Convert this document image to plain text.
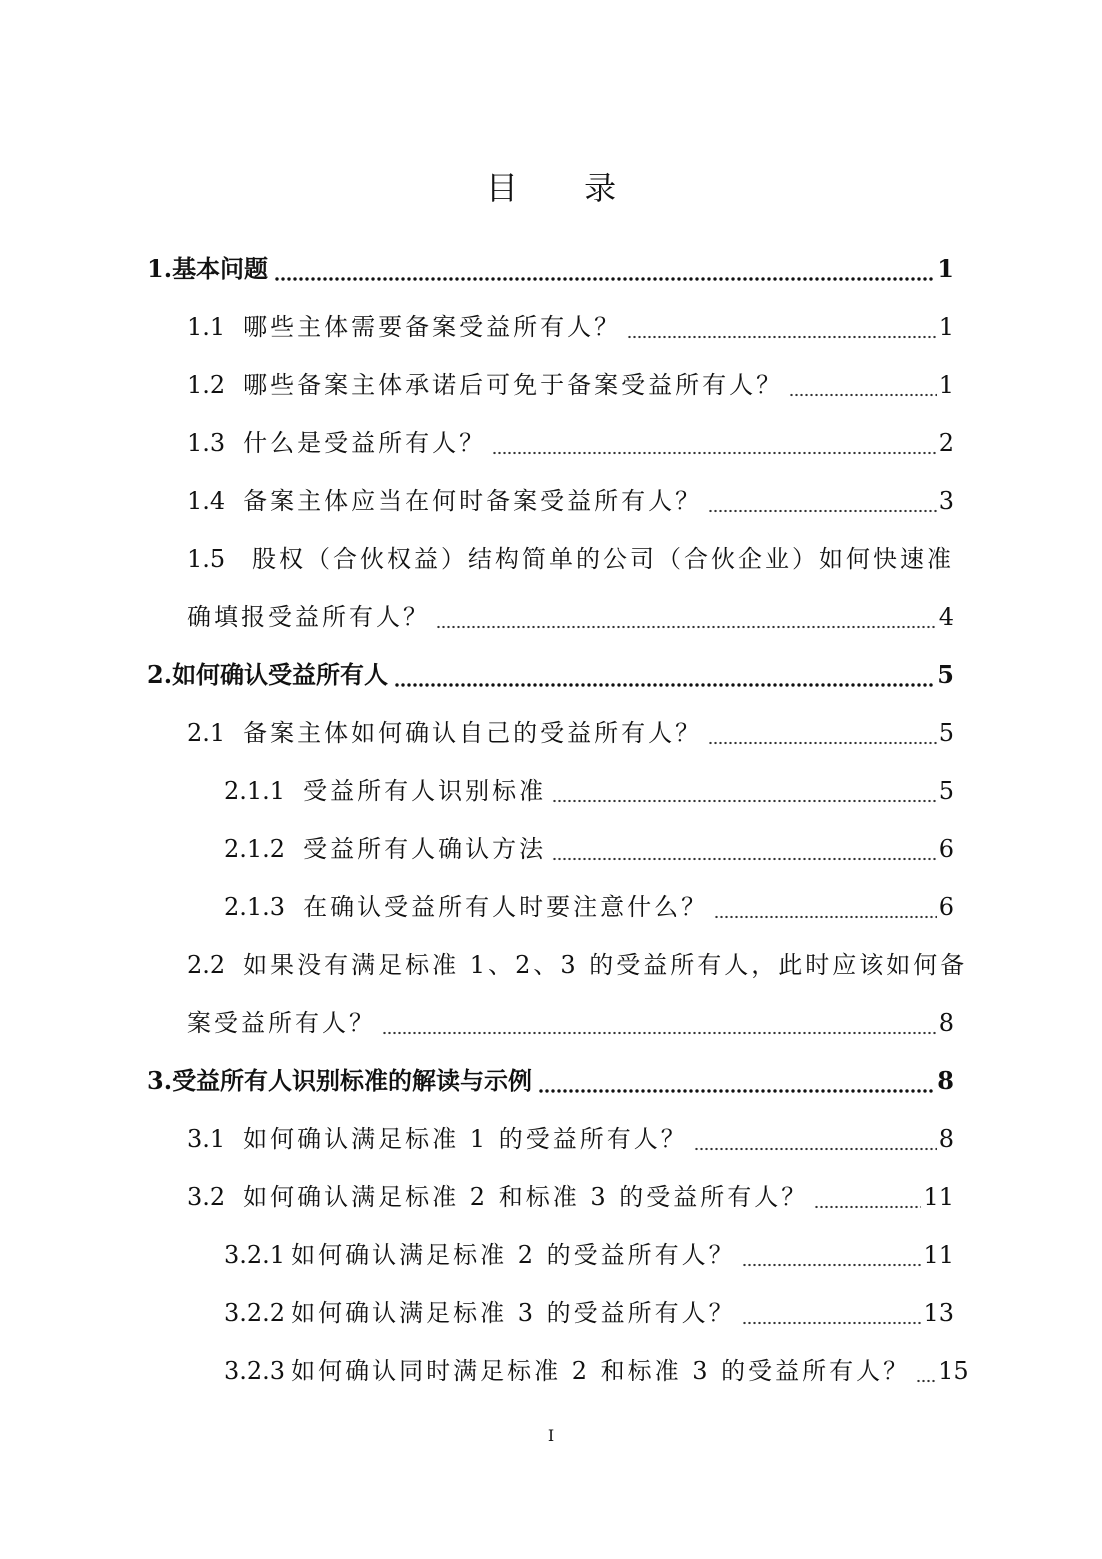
目 录
1. 基本问题	1
1.1 哪些主体需要备案受益所有人？	1
1.2 哪些备案主体承诺后可免于备案受益所有人？	1
1.3 什么是受益所有人？	2
1.4 备案主体应当在何时备案受益所有人？	3
1.5 股权（合伙权益）结构简单的公司（合伙企业）如何快速准
确填报受益所有人？	4
2. 如何确认受益所有人	5
2.1 备案主体如何确认自己的受益所有人？	5
2.1.1 受益所有人识别标准	5
2.1.2 受益所有人确认方法	6
2.1.3 在确认受益所有人时要注意什么？	6
2.2 如果没有满足标准 1、2、3 的受益所有人，此时应该如何备
案受益所有人？	8
3. 受益所有人识别标准的解读与示例	8
3.1 如何确认满足标准 1 的受益所有人？	8
3.2 如何确认满足标准 2 和标准 3 的受益所有人？	11
3.2.1 如何确认满足标准 2 的受益所有人？	11
3.2.2 如何确认满足标准 3 的受益所有人？	13
3.2.3 如何确认同时满足标准 2 和标准 3 的受益所有人？ 15
I
